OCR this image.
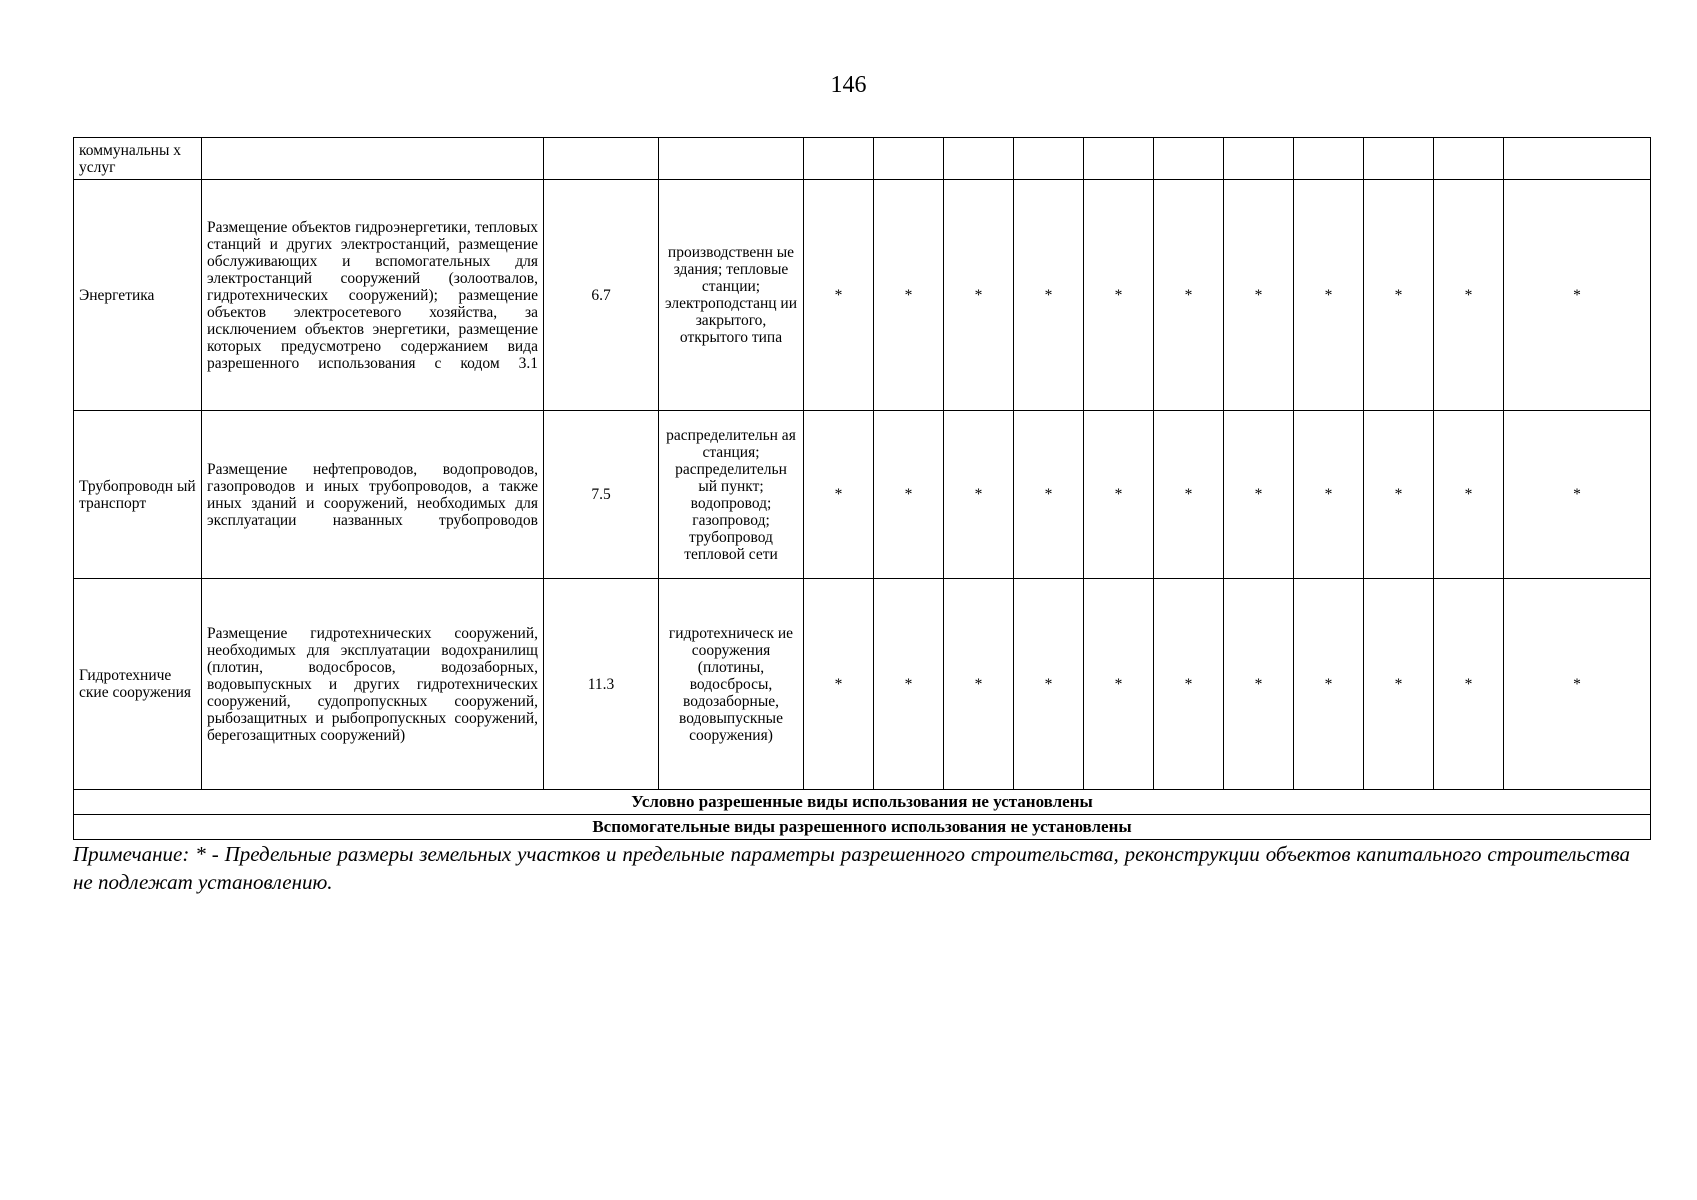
146
коммунальны х услуг														
Энергетика	Размещение объектов гидроэнергетики, тепловых станций и других электростанций, размещение обслуживающих и вспомогательных для электростанций сооружений (золоотвалов, гидротехнических сооружений); размещение объектов электросетевого хозяйства, за исключением объектов энергетики, размещение которых предусмотрено содержанием вида разрешенного использования с кодом 3.1	6.7	производственн ые здания; тепловые станции; электроподстанц ии закрытого, открытого типа	*	*	*	*	*	*	*	*	*	*	*
Трубопроводн ый транспорт	Размещение нефтепроводов, водопроводов, газопроводов и иных трубопроводов, а также иных зданий и сооружений, необходимых для эксплуатации названных трубопроводов	7.5	распределительн ая станция; распределительн ый пункт; водопровод; газопровод; трубопровод тепловой сети	*	*	*	*	*	*	*	*	*	*	*
Гидротехниче ские сооружения	Размещение гидротехнических сооружений, необходимых для эксплуатации водохранилищ (плотин, водосбросов, водозаборных, водовыпускных и других гидротехнических сооружений, судопропускных сооружений, рыбозащитных и рыбопропускных сооружений, берегозащитных сооружений)	11.3	гидротехническ ие сооружения (плотины, водосбросы, водозаборные, водовыпускные сооружения)	*	*	*	*	*	*	*	*	*	*	*
Условно разрешенные виды использования не установлены														
Вспомогательные виды разрешенного использования не установлены														
Примечание: * - Предельные размеры земельных участков и предельные параметры разрешенного строительства, реконструкции объектов капитального строительства не подлежат установлению.
